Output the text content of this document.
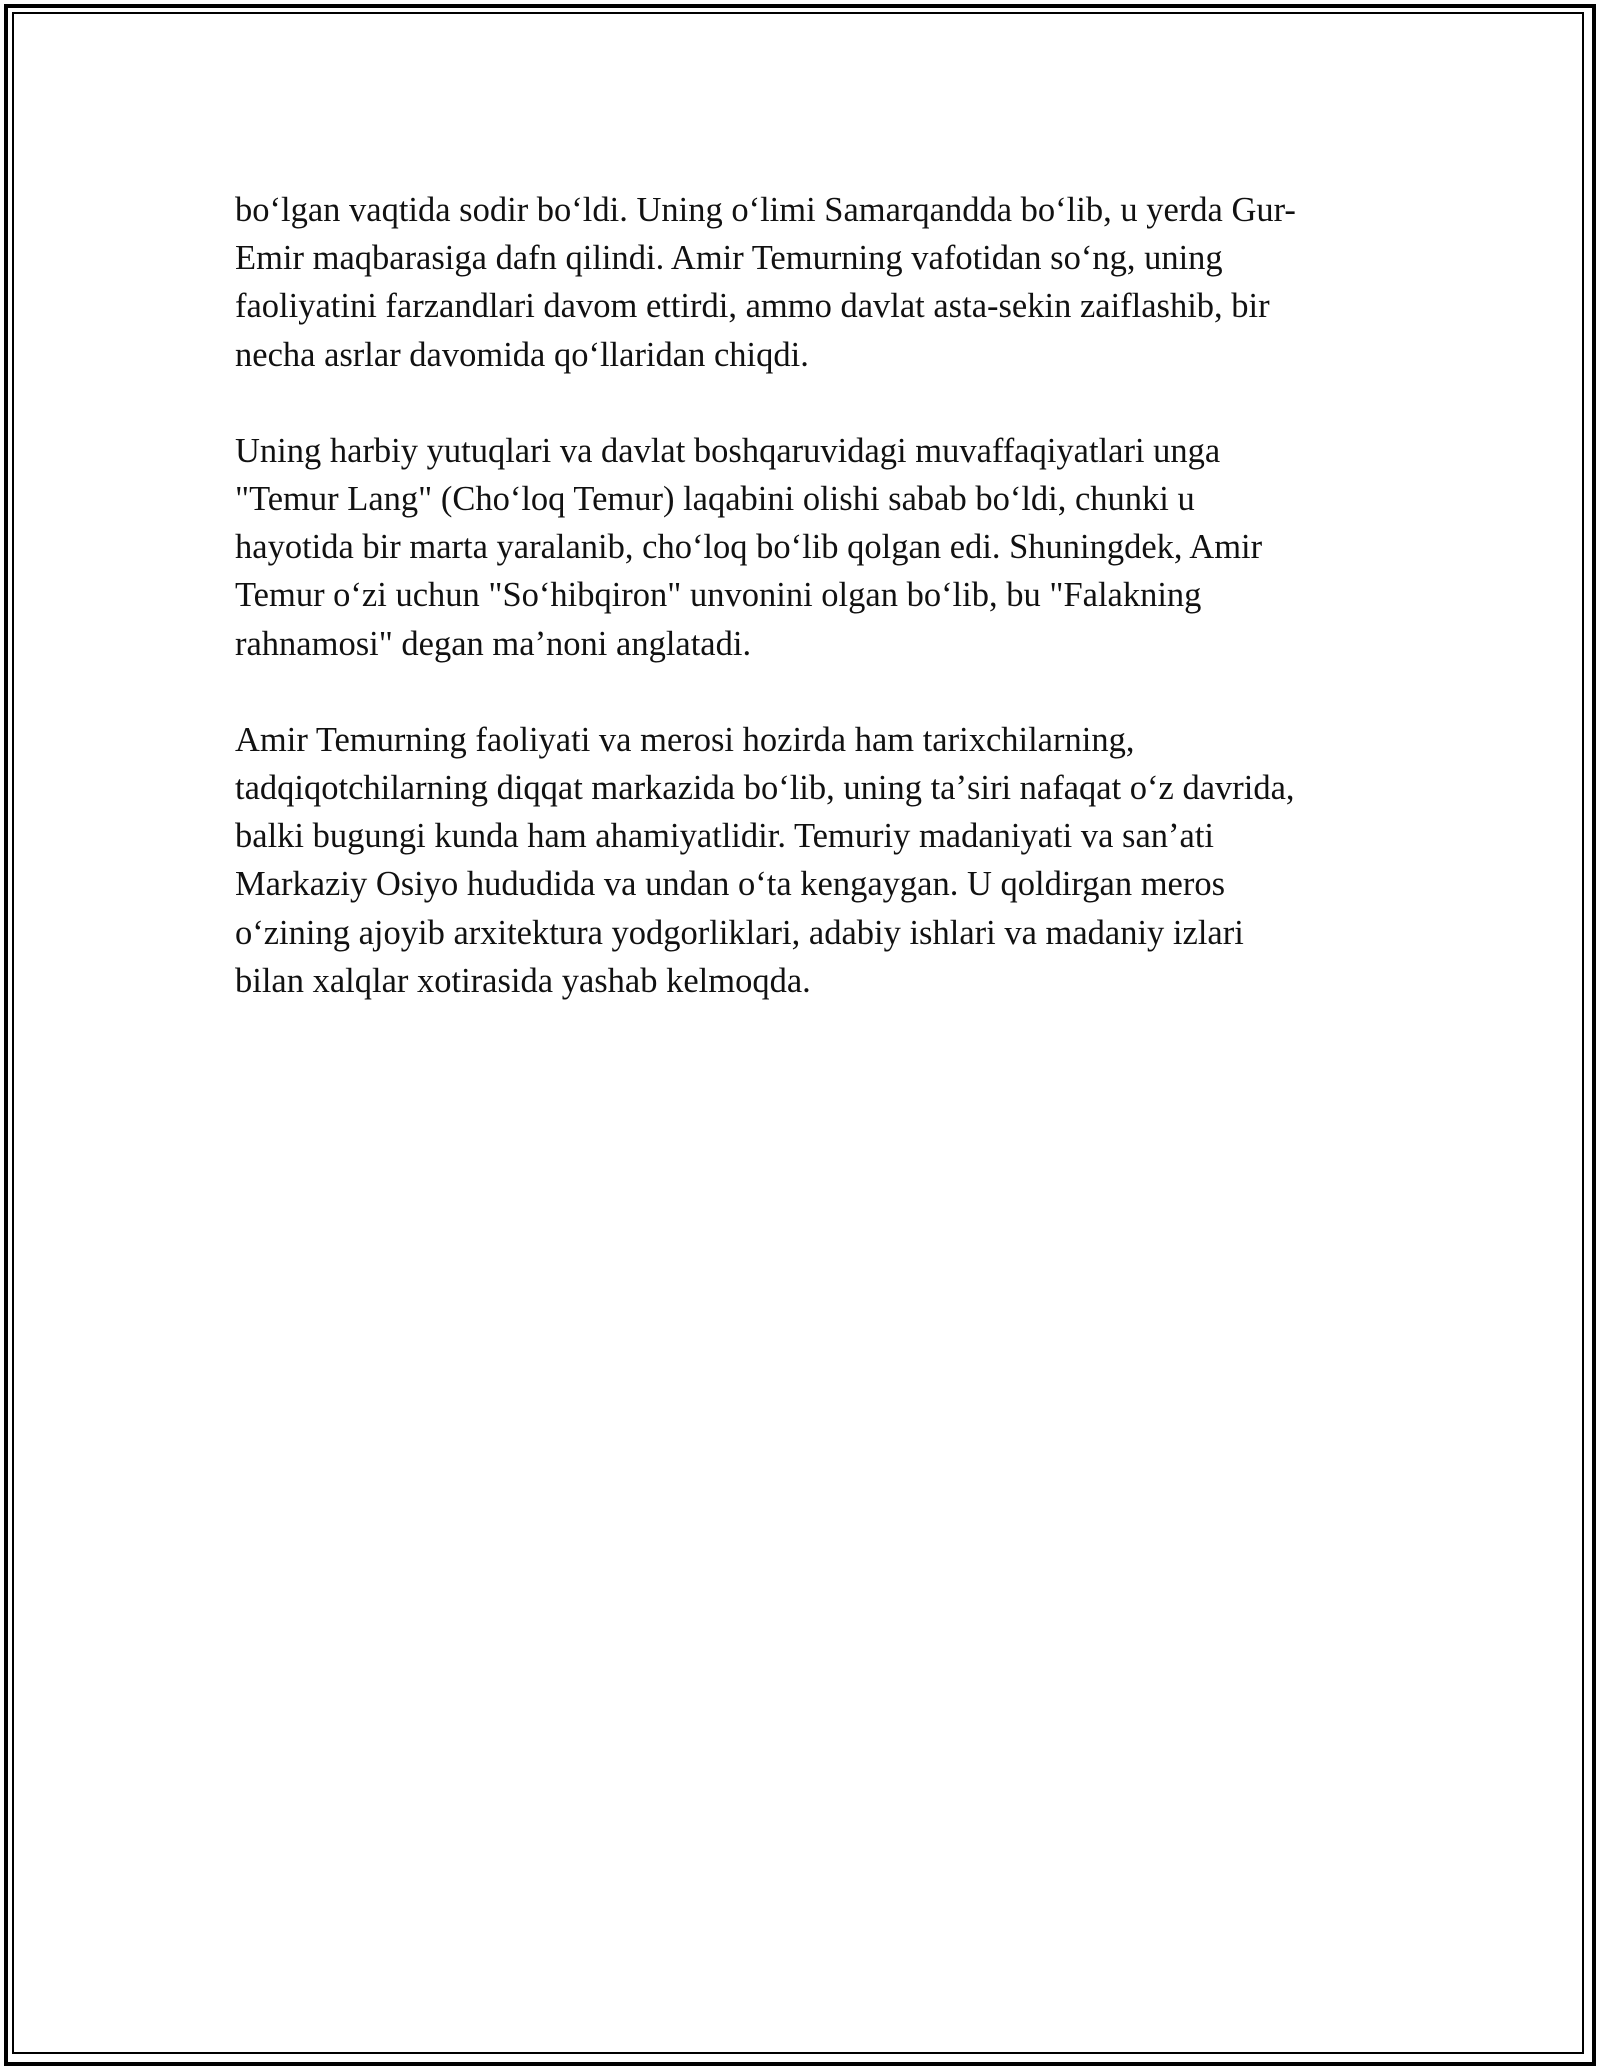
boʻlgan vaqtida sodir boʻldi. Uning oʻlimi Samarqandda boʻlib, u yerda Gur-
Emir maqbarasiga dafn qilindi. Amir Temurning vafotidan soʻng, uning
faoliyatini farzandlari davom ettirdi, ammo davlat asta-sekin zaiflashib, bir
necha asrlar davomida qoʻllaridan chiqdi.

Uning harbiy yutuqlari va davlat boshqaruvidagi muvaffaqiyatlari unga
"Temur Lang" (Choʻloq Temur) laqabini olishi sabab boʻldi, chunki u
hayotida bir marta yaralanib, choʻloq boʻlib qolgan edi. Shuningdek, Amir
Temur oʻzi uchun "Soʻhibqiron" unvonini olgan boʻlib, bu "Falakning
rahnamosi" degan maʼnoni anglatadi.

Amir Temurning faoliyati va merosi hozirda ham tarixchilarning,
tadqiqotchilarning diqqat markazida boʻlib, uning taʼsiri nafaqat oʻz davrida,
balki bugungi kunda ham ahamiyatlidir. Temuriy madaniyati va sanʼati
Markaziy Osiyo hududida va undan oʻta kengaygan. U qoldirgan meros
oʻzining ajoyib arxitektura yodgorliklari, adabiy ishlari va madaniy izlari
bilan xalqlar xotirasida yashab kelmoqda.
